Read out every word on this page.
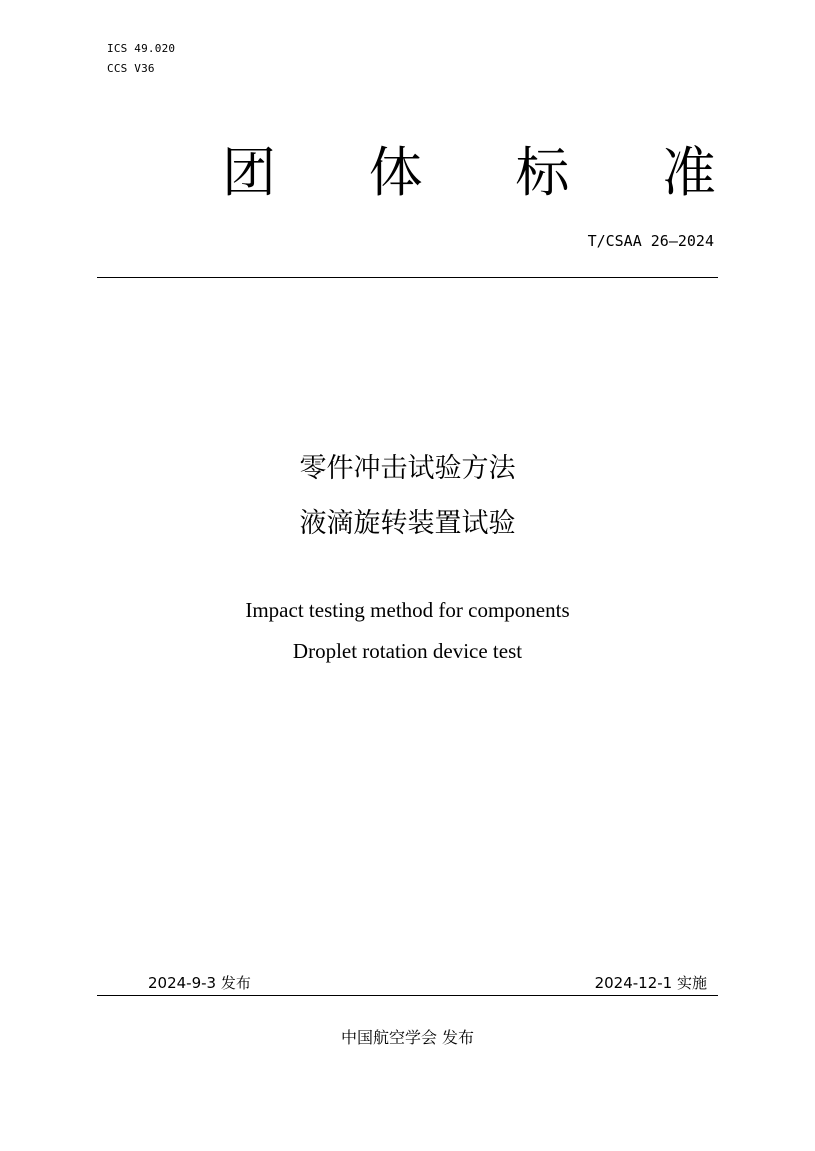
ICS 49.020
CCS V36
团 体 标 准
T/CSAA 26—2024
零件冲击试验方法
液滴旋转装置试验
Impact testing method for components
Droplet rotation device test
2024-9-3 发布	2024-12-1 实施
中国航空学会 发布
